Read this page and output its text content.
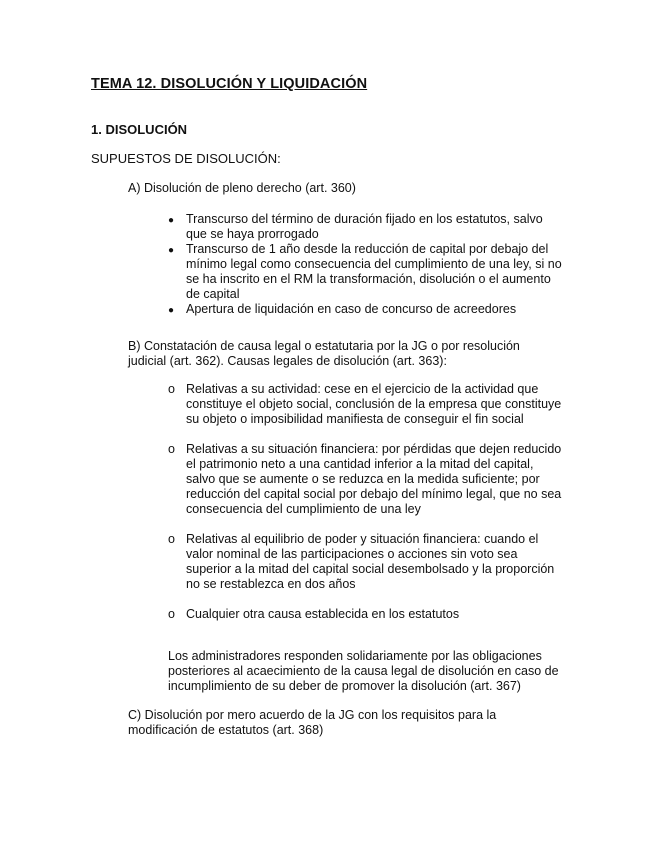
TEMA 12. DISOLUCIÓN Y LIQUIDACIÓN
1. DISOLUCIÓN
SUPUESTOS DE DISOLUCIÓN:
A) Disolución de pleno derecho (art. 360)
● Transcurso del término de duración fijado en los estatutos, salvo que se haya prorrogado
● Transcurso de 1 año desde la reducción de capital por debajo del mínimo legal como consecuencia del cumplimiento de una ley, si no se ha inscrito en el RM la transformación, disolución o el aumento de capital
● Apertura de liquidación en caso de concurso de acreedores
B) Constatación de causa legal o estatutaria por la JG o por resolución judicial (art. 362). Causas legales de disolución (art. 363):
o Relativas a su actividad: cese en el ejercicio de la actividad que constituye el objeto social, conclusión de la empresa que constituye su objeto o imposibilidad manifiesta de conseguir el fin social
o Relativas a su situación financiera: por pérdidas que dejen reducido el patrimonio neto a una cantidad inferior a la mitad del capital, salvo que se aumente o se reduzca en la medida suficiente; por reducción del capital social por debajo del mínimo legal, que no sea consecuencia del cumplimiento de una ley
o Relativas al equilibrio de poder y situación financiera: cuando el valor nominal de las participaciones o acciones sin voto sea superior a la mitad del capital social desembolsado y la proporción no se restablezca en dos años
o Cualquier otra causa establecida en los estatutos
Los administradores responden solidariamente por las obligaciones posteriores al acaecimiento de la causa legal de disolución en caso de incumplimiento de su deber de promover la disolución (art. 367)
C) Disolución por mero acuerdo de la JG con los requisitos para la modificación de estatutos (art. 368)
